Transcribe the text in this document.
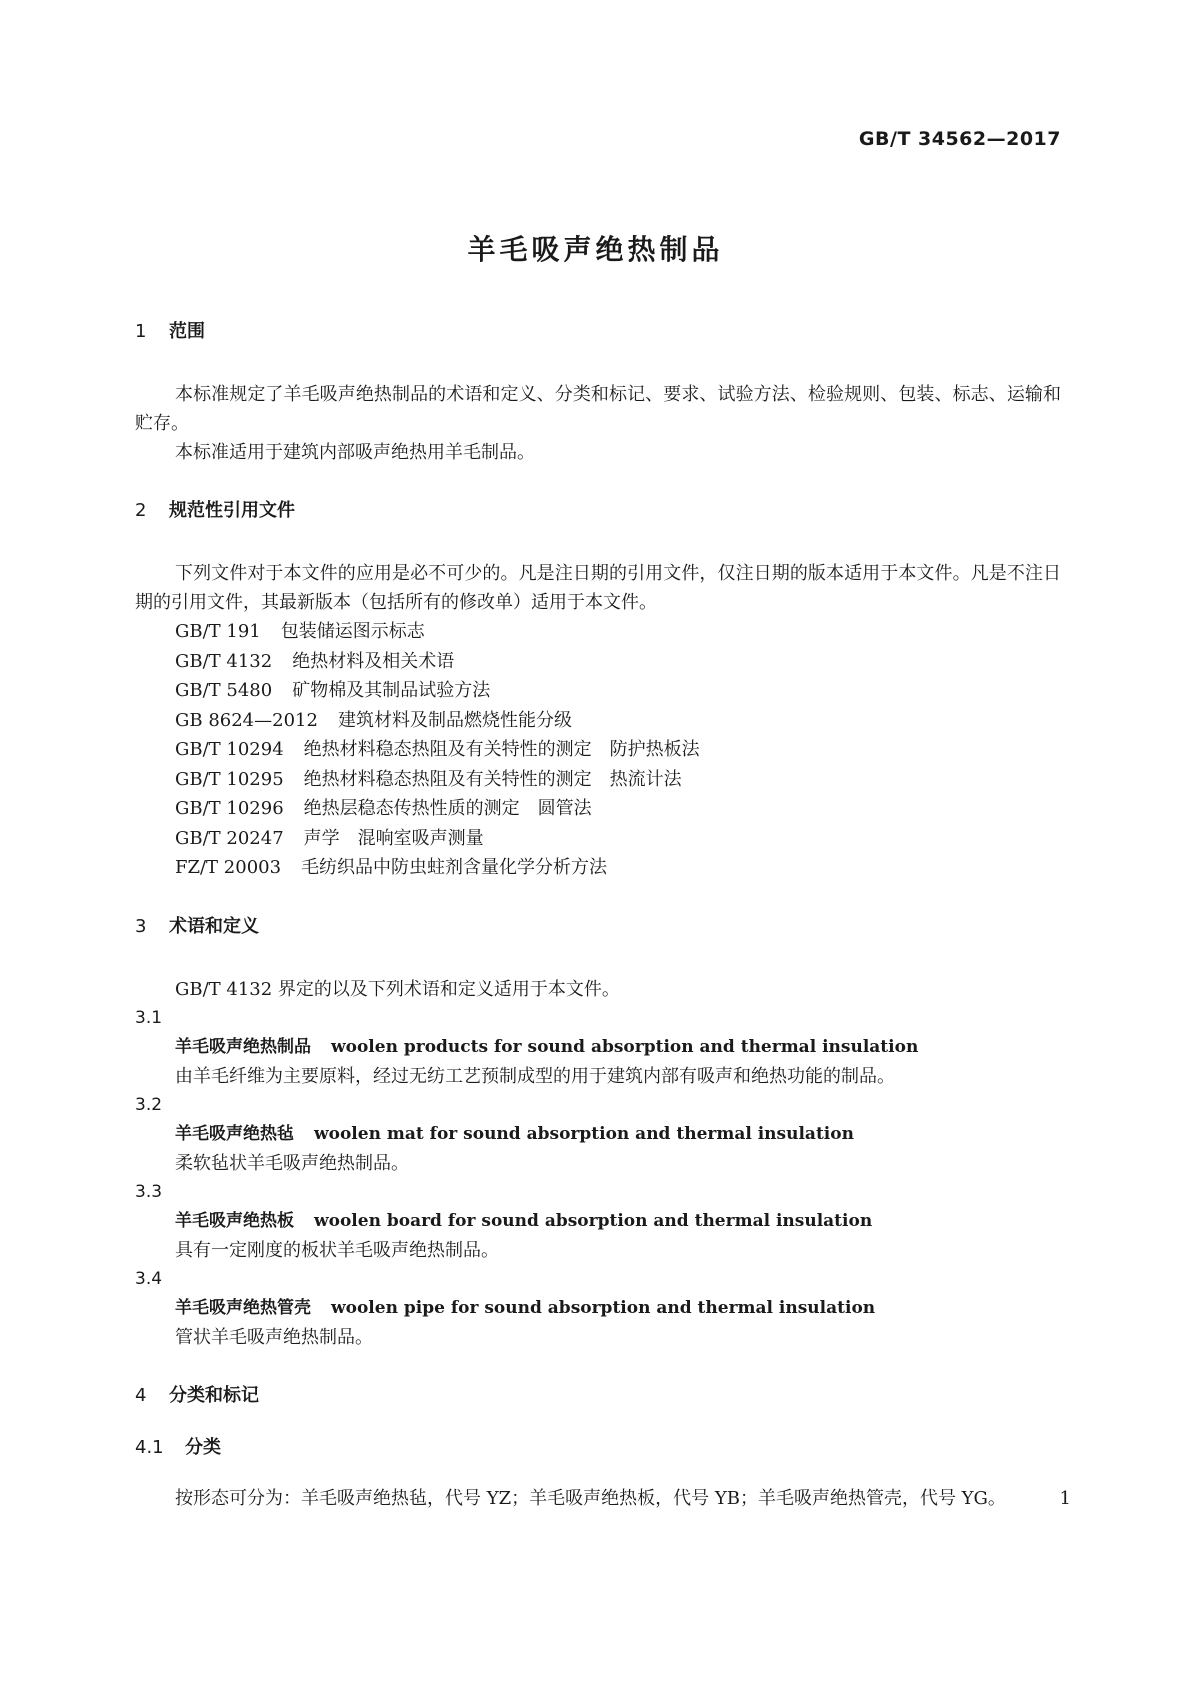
GB/T 34562—2017
羊毛吸声绝热制品
1 范围

本标准规定了羊毛吸声绝热制品的术语和定义、分类和标记、要求、试验方法、检验规则、包装、标志、运输和贮存。

本标准适用于建筑内部吸声绝热用羊毛制品。

2 规范性引用文件

下列文件对于本文件的应用是必不可少的。凡是注日期的引用文件，仅注日期的版本适用于本文件。凡是不注日期的引用文件，其最新版本（包括所有的修改单）适用于本文件。

GB/T 191 包装储运图示标志
GB/T 4132 绝热材料及相关术语
GB/T 5480 矿物棉及其制品试验方法
GB 8624—2012 建筑材料及制品燃烧性能分级
GB/T 10294 绝热材料稳态热阻及有关特性的测定　防护热板法
GB/T 10295 绝热材料稳态热阻及有关特性的测定　热流计法
GB/T 10296 绝热层稳态传热性质的测定　圆管法
GB/T 20247 声学　混响室吸声测量
FZ/T 20003 毛纺织品中防虫蛀剂含量化学分析方法
3 术语和定义

GB/T 4132 界定的以及下列术语和定义适用于本文件。

3.1
羊毛吸声绝热制品 woolen products for sound absorption and thermal insulation
由羊毛纤维为主要原料，经过无纺工艺预制成型的用于建筑内部有吸声和绝热功能的制品。
3.2
羊毛吸声绝热毡 woolen mat for sound absorption and thermal insulation
柔软毡状羊毛吸声绝热制品。
3.3
羊毛吸声绝热板 woolen board for sound absorption and thermal insulation
具有一定刚度的板状羊毛吸声绝热制品。
3.4
羊毛吸声绝热管壳 woolen pipe for sound absorption and thermal insulation
管状羊毛吸声绝热制品。
4 分类和标记
4.1 分类

按形态可分为：羊毛吸声绝热毡，代号 YZ；羊毛吸声绝热板，代号 YB；羊毛吸声绝热管壳，代号 YG。	1
